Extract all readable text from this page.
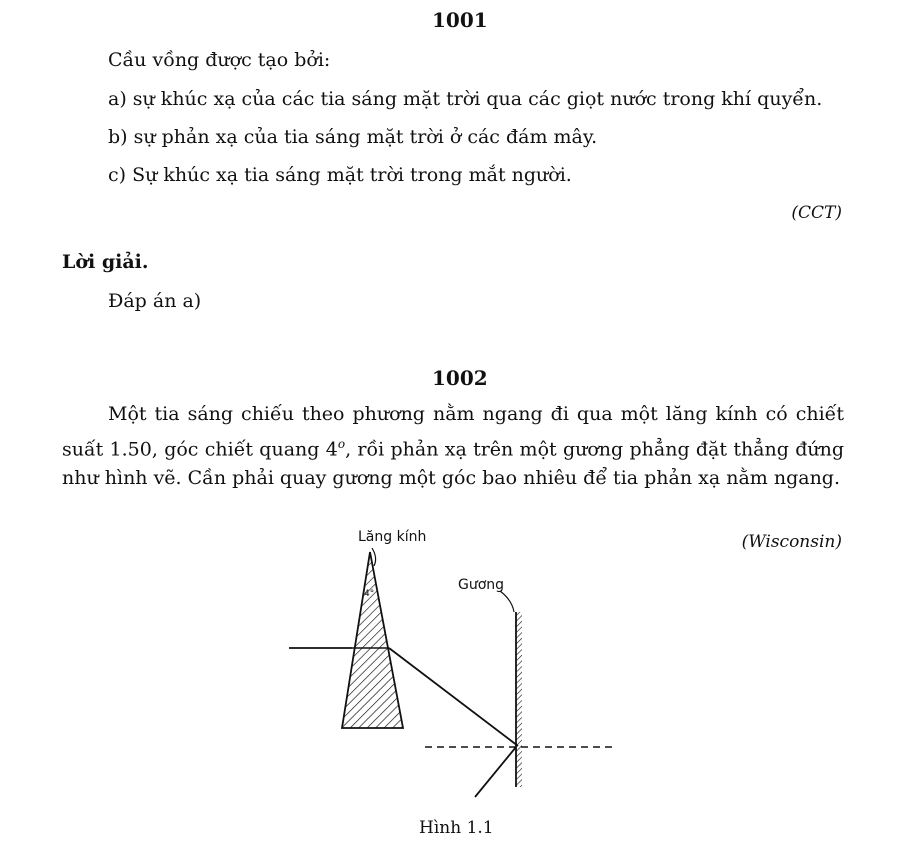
1001
Cầu vồng được tạo bởi:
a) sự khúc xạ của các tia sáng mặt trời qua các giọt nước trong khí quyển.
b) sự phản xạ của tia sáng mặt trời ở các đám mây.
c) Sự khúc xạ tia sáng mặt trời trong mắt người.
(CCT)
Lời giải.
Đáp án a)
1002
Một tia sáng chiếu theo phương nằm ngang đi qua một lăng kính có chiết suất 1.50, góc chiết quang 4$^o$, rồi phản xạ trên một gương phẳng đặt thẳng đứng như hình vẽ. Cần phải quay gương một góc bao nhiêu để tia phản xạ nằm ngang.
(Wisconsin)
Lăng kính
Gương
4°
Hình 1.1
